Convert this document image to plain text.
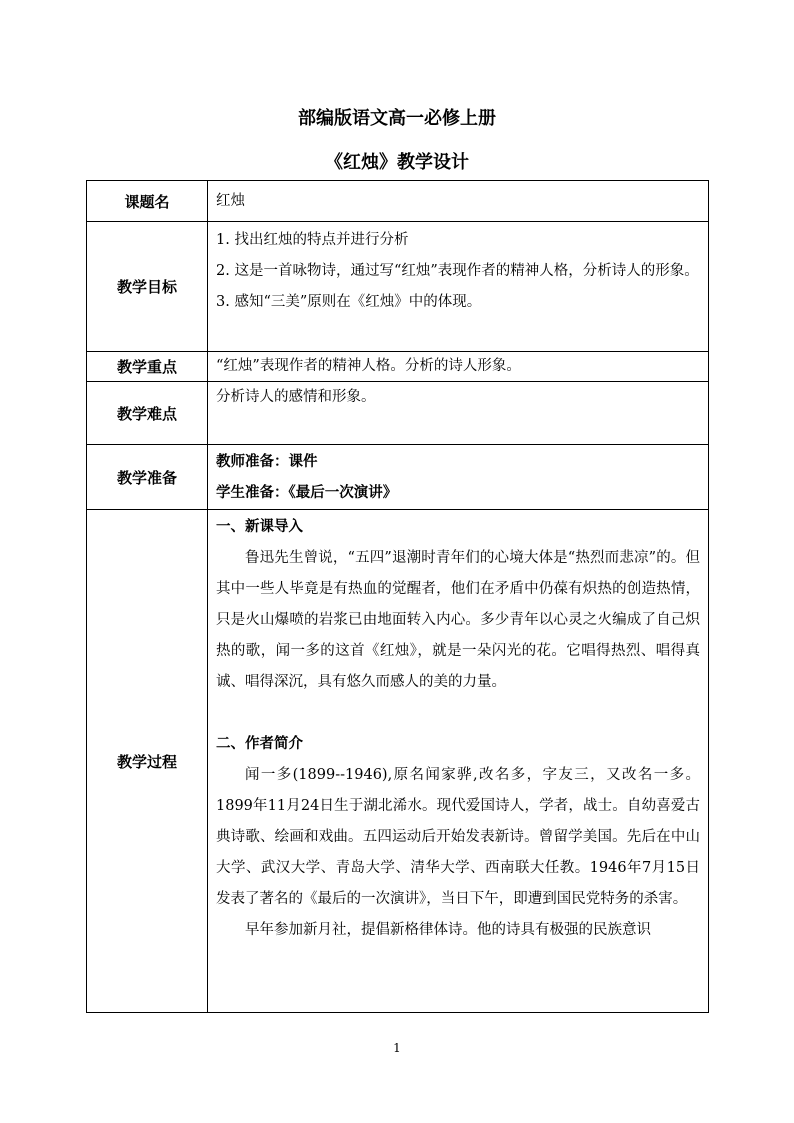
部编版语文高一必修上册
《红烛》教学设计
课题名	红烛

教学目标	1. 找出红烛的特点并进行分析
2. 这是一首咏物诗，通过写“红烛”表现作者的精神人格，分析诗人的形象。
3. 感知“三美”原则在《红烛》中的体现。

教学重点	“红烛”表现作者的精神人格。分析的诗人形象。

教学难点	分析诗人的感情和形象。

教学准备	教师准备：课件
学生准备：《最后一次演讲》

教学过程	一、新课导入
鲁迅先生曾说，“五四”退潮时青年们的心境大体是“热烈而悲凉”的。但其中一些人毕竟是有热血的觉醒者，他们在矛盾中仍葆有炽热的创造热情，只是火山爆喷的岩浆已由地面转入内心。多少青年以心灵之火编成了自己炽热的歌，闻一多的这首《红烛》，就是一朵闪光的花。它唱得热烈、唱得真诚、唱得深沉，具有悠久而感人的美的力量。
二、作者简介
闻一多(1899--1946),原名闻家骅,改名多，字友三，又改名一多。1899年11月24日生于湖北浠水。现代爱国诗人，学者，战士。自幼喜爱古典诗歌、绘画和戏曲。五四运动后开始发表新诗。曾留学美国。先后在中山大学、武汉大学、青岛大学、清华大学、西南联大任教。1946年7月15日发表了著名的《最后的一次演讲》，当日下午，即遭到国民党特务的杀害。
早年参加新月社，提倡新格律体诗。他的诗具有极强的民族意识
1
